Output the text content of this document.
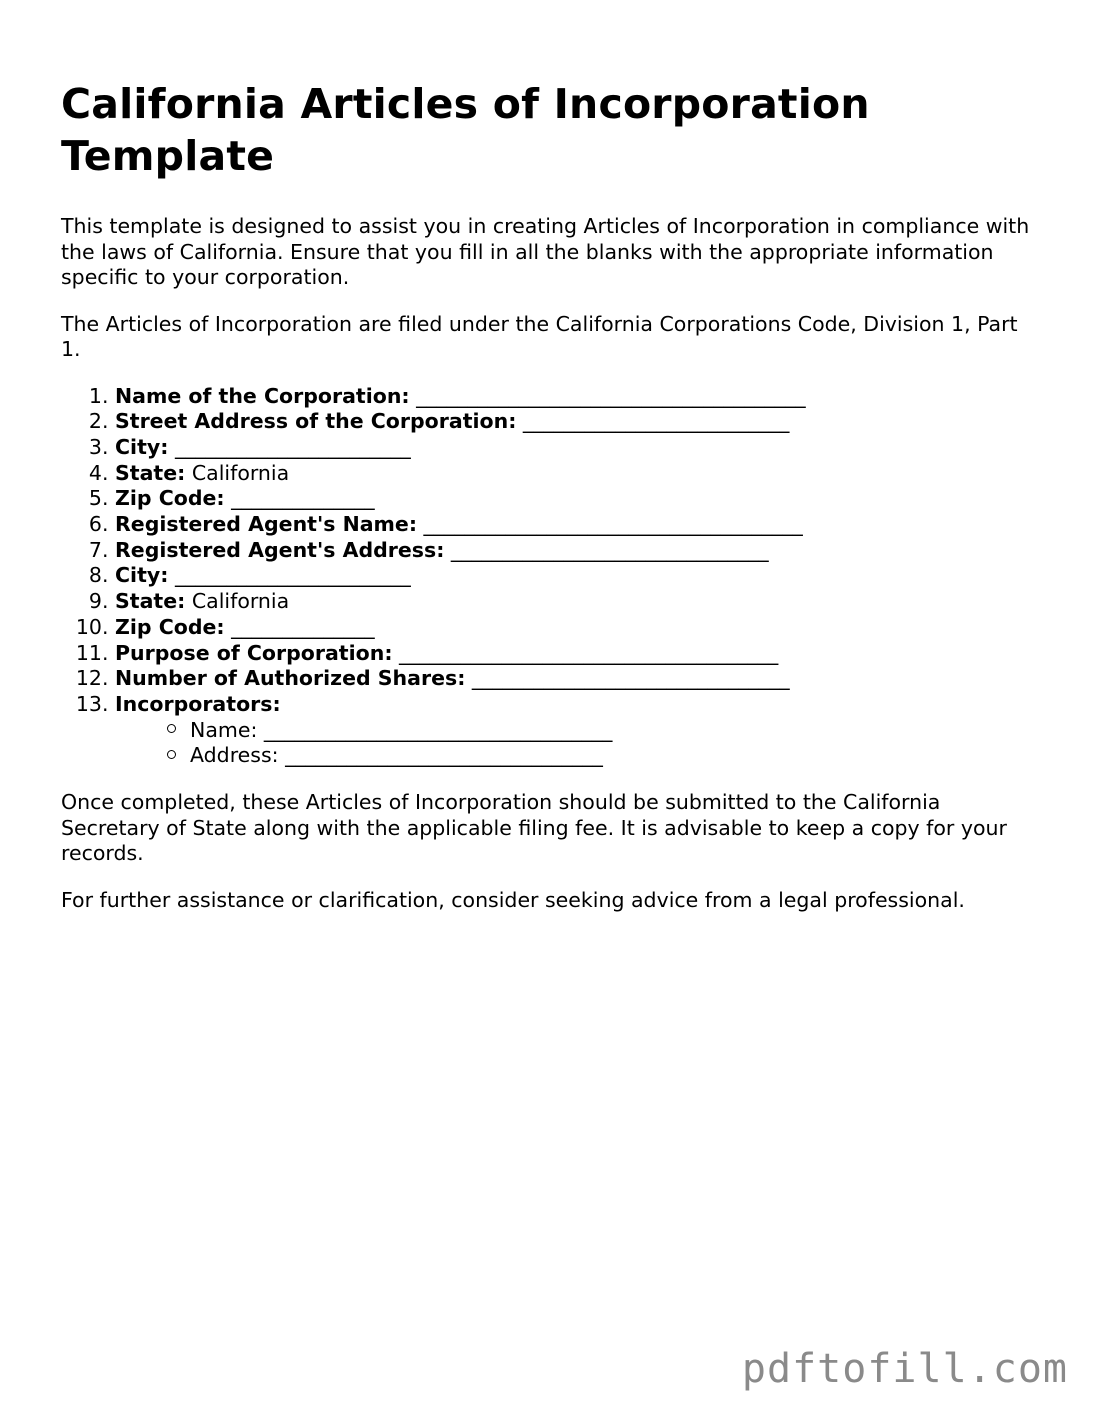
California Articles of Incorporation Template

This template is designed to assist you in creating Articles of Incorporation in compliance with the laws of California. Ensure that you fill in all the blanks with the appropriate information specific to your corporation.

The Articles of Incorporation are filed under the California Corporations Code, Division 1, Part 1.

1. Name of the Corporation: ______________________________________
2. Street Address of the Corporation: __________________________
3. City: _______________________
4. State: California
5. Zip Code: ______________
6. Registered Agent's Name: _____________________________________
7. Registered Agent's Address: _______________________________
8. City: _______________________
9. State: California
10. Zip Code: ______________
11. Purpose of Corporation: _____________________________________
12. Number of Authorized Shares: _______________________________
13. Incorporators:
Name: __________________________________
Address: _______________________________

Once completed, these Articles of Incorporation should be submitted to the California Secretary of State along with the applicable filing fee. It is advisable to keep a copy for your records.

For further assistance or clarification, consider seeking advice from a legal professional.

pdftofill.com
